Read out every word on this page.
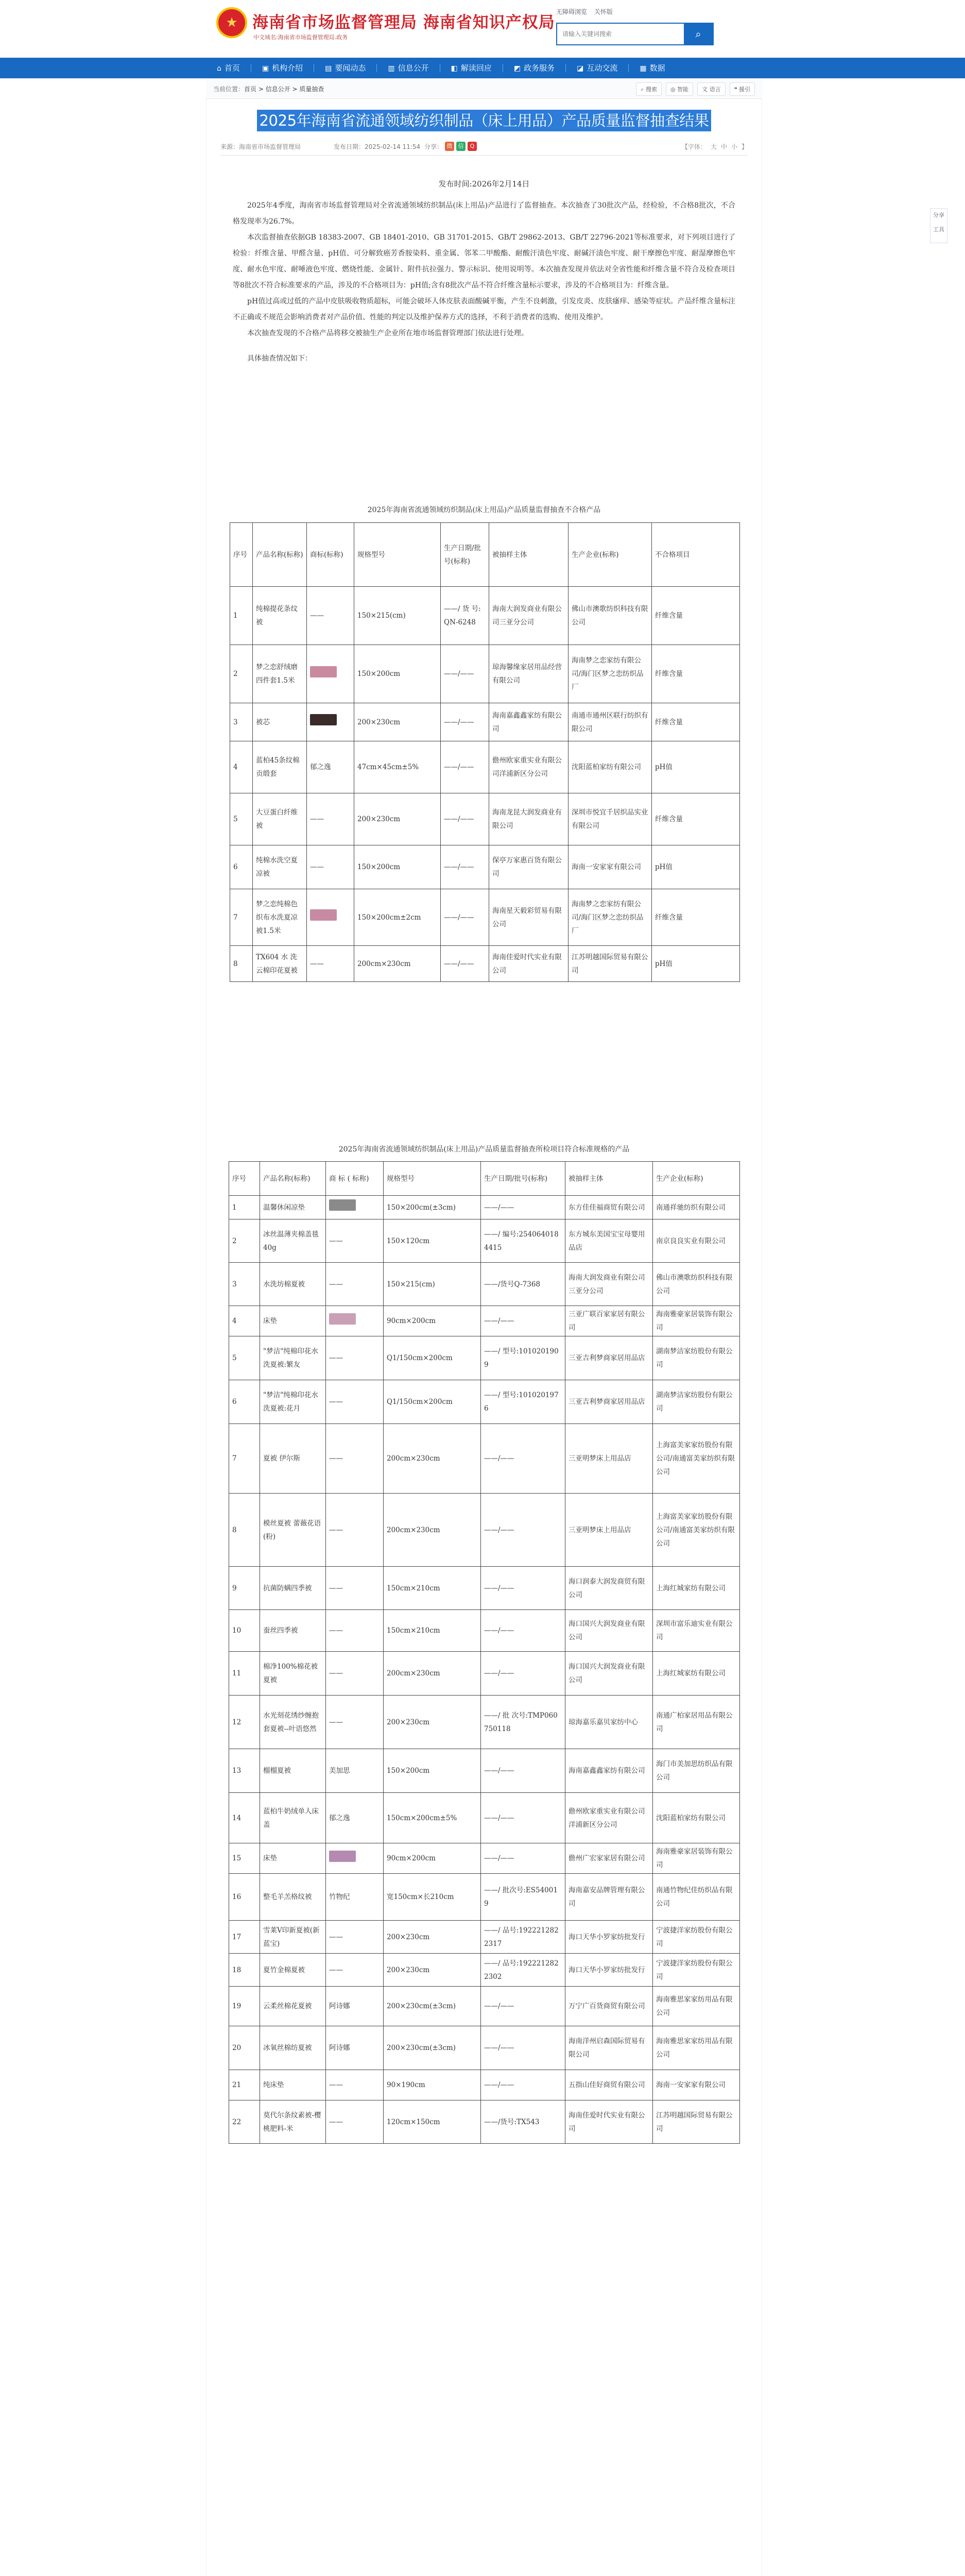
★ 海南省市场监督管理局 海南省知识产权局
中文域名:海南省市场监督管理局.政务
无障碍浏览 关怀版
请输入关键词搜索
⌕
⌂ 首页	▣ 机构介绍	▤ 要闻动态	▥ 信息公开	◧ 解读回应	◩ 政务服务	◪ 互动交流	▦ 数据
当前位置：首页 > 信息公开 > 质量抽查	⌕ 搜索	◎ 智能	文 语言	❝ 援引
2025年海南省流通领域纺织制品（床上用品）产品质量监督抽查结果
来源：海南省市场监督管理局	发布日期：2025-02-14 11:54 分享： 微	信	Q	【字体： 大 中 小 】
发布时间:2026年2月14日

2025年4季度，海南省市场监督管理局对全省流通领域纺织制品(床上用品)产品进行了监督抽查。本次抽查了30批次产品，经检验，不合格8批次，不合格发现率为26.7%。

本次监督抽查依据GB 18383-2007、GB 18401-2010、GB 31701-2015、GB/T 29862-2013、GB/T 22796-2021等标准要求，对下列项目进行了检验：纤维含量、甲醛含量、pH值、可分解致癌芳香胺染料、重金属、邻苯二甲酸酯、耐酸汗渍色牢度、耐碱汗渍色牢度、耐干摩擦色牢度、耐湿摩擦色牢度、耐水色牢度、耐唾液色牢度、燃烧性能、金属针、附件抗拉强力、警示标识、使用说明等。本次抽查发现并依法对全省性能和纤维含量不符合及检查项目等8批次不符合标准要求的产品，涉及的不合格项目为：pH值;含有8批次产品不符合纤维含量标示要求，涉及的不合格项目为：纤维含量。

pH值过高或过低的产品中皮肤吸收物质超标，可能会破坏人体皮肤表面酸碱平衡，产生不良刺激，引发皮炎、皮肤瘙痒、感染等症状。产品纤维含量标注不正确或不规范会影响消费者对产品价值、性能的判定以及维护保养方式的选择，不利于消费者的选购、使用及维护。

本次抽查发现的不合格产品将移交被抽生产企业所在地市场监督管理部门依法进行处理。

具体抽查情况如下：

2025年海南省流通领域纺织制品(床上用品)产品质量监督抽查不合格产品
序号	产品名称(标称)	商标(标称)	规格型号	生产日期/批号(标称)	被抽样主体	生产企业(标称)	不合格项目
1	纯棉提花条纹被	——	150×215(cm)	——/ 货 号:QN-6248	海南大润发商业有限公司三亚分公司	佛山市澳歌纺织科技有限公司	纤维含量
2	梦之恋舒绒磨四件套1.5米		150×200cm	——/——	琼海馨缘家居用品经营有限公司	海南梦之恋家纺有限公司/海门区梦之恋纺织品厂	纤维含量
3	被芯		200×230cm	——/——	海南嘉鑫鑫家纺有限公司	南通市通州区联行纺织有限公司	纤维含量
4	蓝柏45条纹棉贡缎套	郁之逸	47cm×45cm±5%	——/——	儋州欧家重实业有限公司洋浦新区分公司	沈阳蓝柏家纺有限公司	pH值
5	大豆蛋白纤维被	——	200×230cm	——/——	海南龙昆大润发商业有限公司	深圳市悦宜千居织品实业有限公司	纤维含量
6	纯棉水洗空夏凉被	——	150×200cm	——/——	保亭万家惠百货有限公司	海南一安家家有限公司	pH值
7	梦之恋纯棉色织布水洗夏凉被1.5米		150×200cm±2cm	——/——	海南星天毅彩贸易有限公司	海南梦之恋家纺有限公司/海门区梦之恋纺织品厂	纤维含量
8	TX604 水 洗 云棉印花夏被	——	200cm×230cm	——/——	海南佳爱时代实业有限公司	江苏明越国际贸易有限公司	pH值
2025年海南省流通领域纺织制品(床上用品)产品质量监督抽查所检项目符合标准规格的产品
序号	产品名称(标称)	商 标 ( 标称)	规格型号	生产日期/批号(标称)	被抽样主体	生产企业(标称)
1	温馨休闲凉垫		150×200cm(±3cm)	——/——	东方佳佳福商贸有限公司	南通祥驰纺织有限公司
2	冰丝温薄夹棉盖毯40g	——	150×120cm	——/ 编号:2540640184415	东方城东美国宝宝母婴用品店	南京良良实业有限公司
3	水洗坊棉夏被	——	150×215(cm)	——/货号Q-7368	海南大润发商业有限公司三亚分公司	佛山市澳歌纺织科技有限公司
4	床垫		90cm×200cm	——/——	三亚广联百家家居有限公司	海南雅豪家居装饰有限公司
5	"梦洁"纯棉印花水洗夏被:繁友	——	Q1/150cm×200cm	——/ 型号:1010201909	三亚吉利梦商家居用品店	湖南梦洁家纺股份有限公司
6	"梦洁"纯棉印花水洗夏被:花月	——	Q1/150cm×200cm	——/ 型号:1010201976	三亚吉利梦商家居用品店	湖南梦洁家纺股份有限公司
7	夏被 伊尔斯	——	200cm×230cm	——/——	三亚明梦床上用品店	上海富美家家纺股份有限公司/南通富美家纺织有限公司
8	模丝夏被 蕾薇花语(粉)	——	200cm×230cm	——/——	三亚明梦床上用品店	上海富美家家纺股份有限公司/南通富美家纺织有限公司
9	抗菌防螨四季被	——	150cm×210cm	——/——	海口润泰大润发商贸有限公司	上海红城家纺有限公司
10	蚕丝四季被	——	150cm×210cm	——/——	海口国兴大润发商业有限公司	深圳市富乐迪实业有限公司
11	棉净100%棉花被夏被	——	200cm×230cm	——/——	海口国兴大润发商业有限公司	上海红城家纺有限公司
12	水光刻花绣纱缠抱套夏被--叶语悠然	——	200×230cm	——/ 批 次号:TMP060750118	琼海嘉乐嘉贝家纺中心	南通广柏家居用品有限公司
13	榴榴夏被	美加思	150×200cm	——/——	海南嘉鑫鑫家纺有限公司	海门市美加思纺织品有限公司
14	蓝柏牛奶绒单人床盖	郁之逸	150cm×200cm±5%	——/——	儋州欧家重实业有限公司洋浦新区分公司	沈阳蓝柏家纺有限公司
15	床垫		90cm×200cm	——/——	儋州广宏家家居有限公司	海南雅豪家居装饰有限公司
16	整毛羊羔格纹被	竹物纪	宽150cm×长210cm	——/ 批次号:ES540019	海南嘉安品牌管理有限公司	南通竹物纪佳纺织品有限公司
17	雪莱V印新夏被(新蓝宝)	——	200×230cm	——/ 品号:1922212822317	海口天华小罗家纺批发行	宁波捷洋家纺股份有限公司
18	夏竹金棉夏被	——	200×230cm	——/ 品号:1922212822302	海口天华小罗家纺批发行	宁波捷洋家纺股份有限公司
19	云柔丝棉花夏被	阿诗娜	200×230cm(±3cm)	——/——	万宁广百货商贸有限公司	海南雅思家家纺用品有限公司
20	冰氧丝棉纺夏被	阿诗娜	200×230cm(±3cm)	——/——	海南洋州启森国际贸易有限公司	海南雅思家家纺用品有限公司
21	纯床垫	——	90×190cm	——/——	五指山佳好商贸有限公司	海南一安家家有限公司
22	莫代尔条纹素被-樱桃肥料-米	——	120cm×150cm	——/货号:TX543	海南佳爱时代实业有限公司	江苏明越国际贸易有限公司
分享
工具
